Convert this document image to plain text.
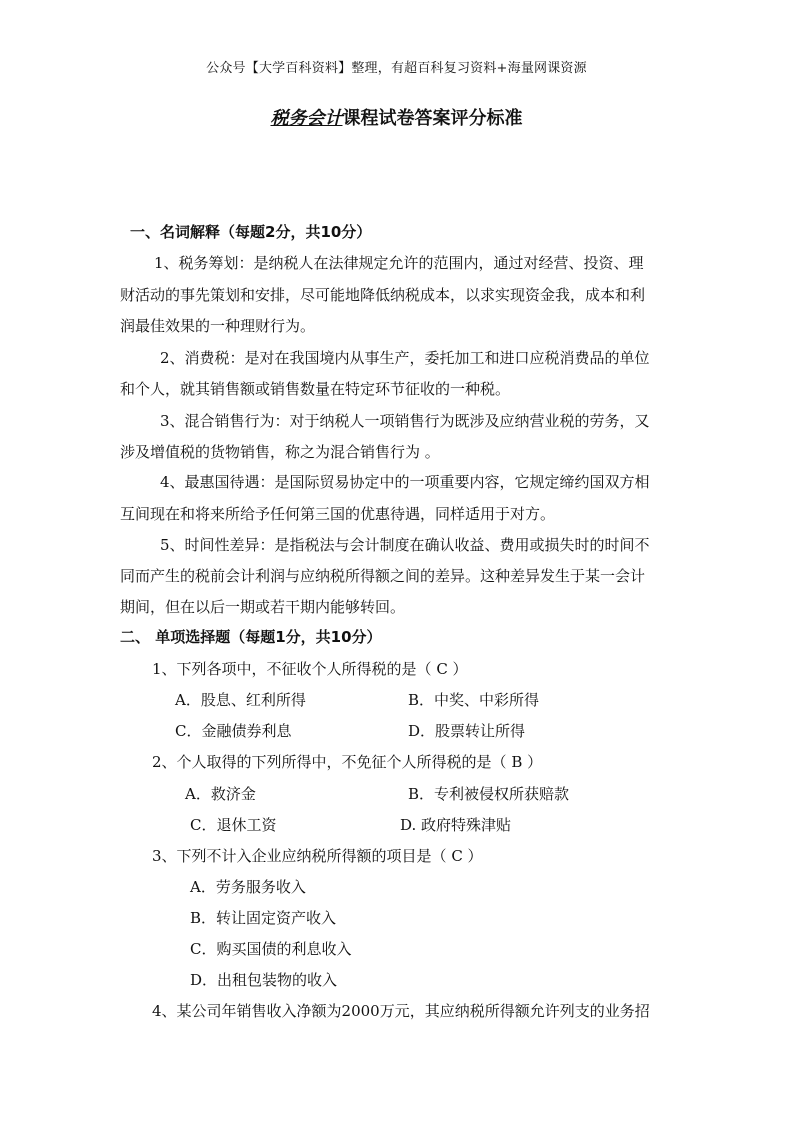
公众号【大学百科资料】整理，有超百科复习资料+海量网课资源
税务会计课程试卷答案评分标准
一、名词解释（每题2分，共10分）
1、税务筹划：是纳税人在法律规定允许的范围内，通过对经营、投资、理
财活动的事先策划和安排，尽可能地降低纳税成本，以求实现资金我，成本和利
润最佳效果的一种理财行为。
2、消费税：是对在我国境内从事生产，委托加工和进口应税消费品的单位
和个人，就其销售额或销售数量在特定环节征收的一种税。
3、混合销售行为：对于纳税人一项销售行为既涉及应纳营业税的劳务，又
涉及增值税的货物销售，称之为混合销售行为 。
4、最惠国待遇：是国际贸易协定中的一项重要内容，它规定缔约国双方相
互间现在和将来所给予任何第三国的优惠待遇，同样适用于对方。
5、时间性差异：是指税法与会计制度在确认收益、费用或损失时的时间不
同而产生的税前会计利润与应纳税所得额之间的差异。这种差异发生于某一会计
期间，但在以后一期或若干期内能够转回。
二、 单项选择题（每题1分，共10分）
1、下列各项中，不征收个人所得税的是（ C ）
A．股息、红利所得	B．中奖、中彩所得
C．金融债券利息	D．股票转让所得
2、个人取得的下列所得中，不免征个人所得税的是（ B ）
A．救济金	B．专利被侵权所获赔款
C．退休工资	D. 政府特殊津贴
3、下列不计入企业应纳税所得额的项目是（ C ）
A．劳务服务收入
B．转让固定资产收入
C．购买国债的利息收入
D．出租包装物的收入
4、某公司年销售收入净额为2000万元，其应纳税所得额允许列支的业务招
